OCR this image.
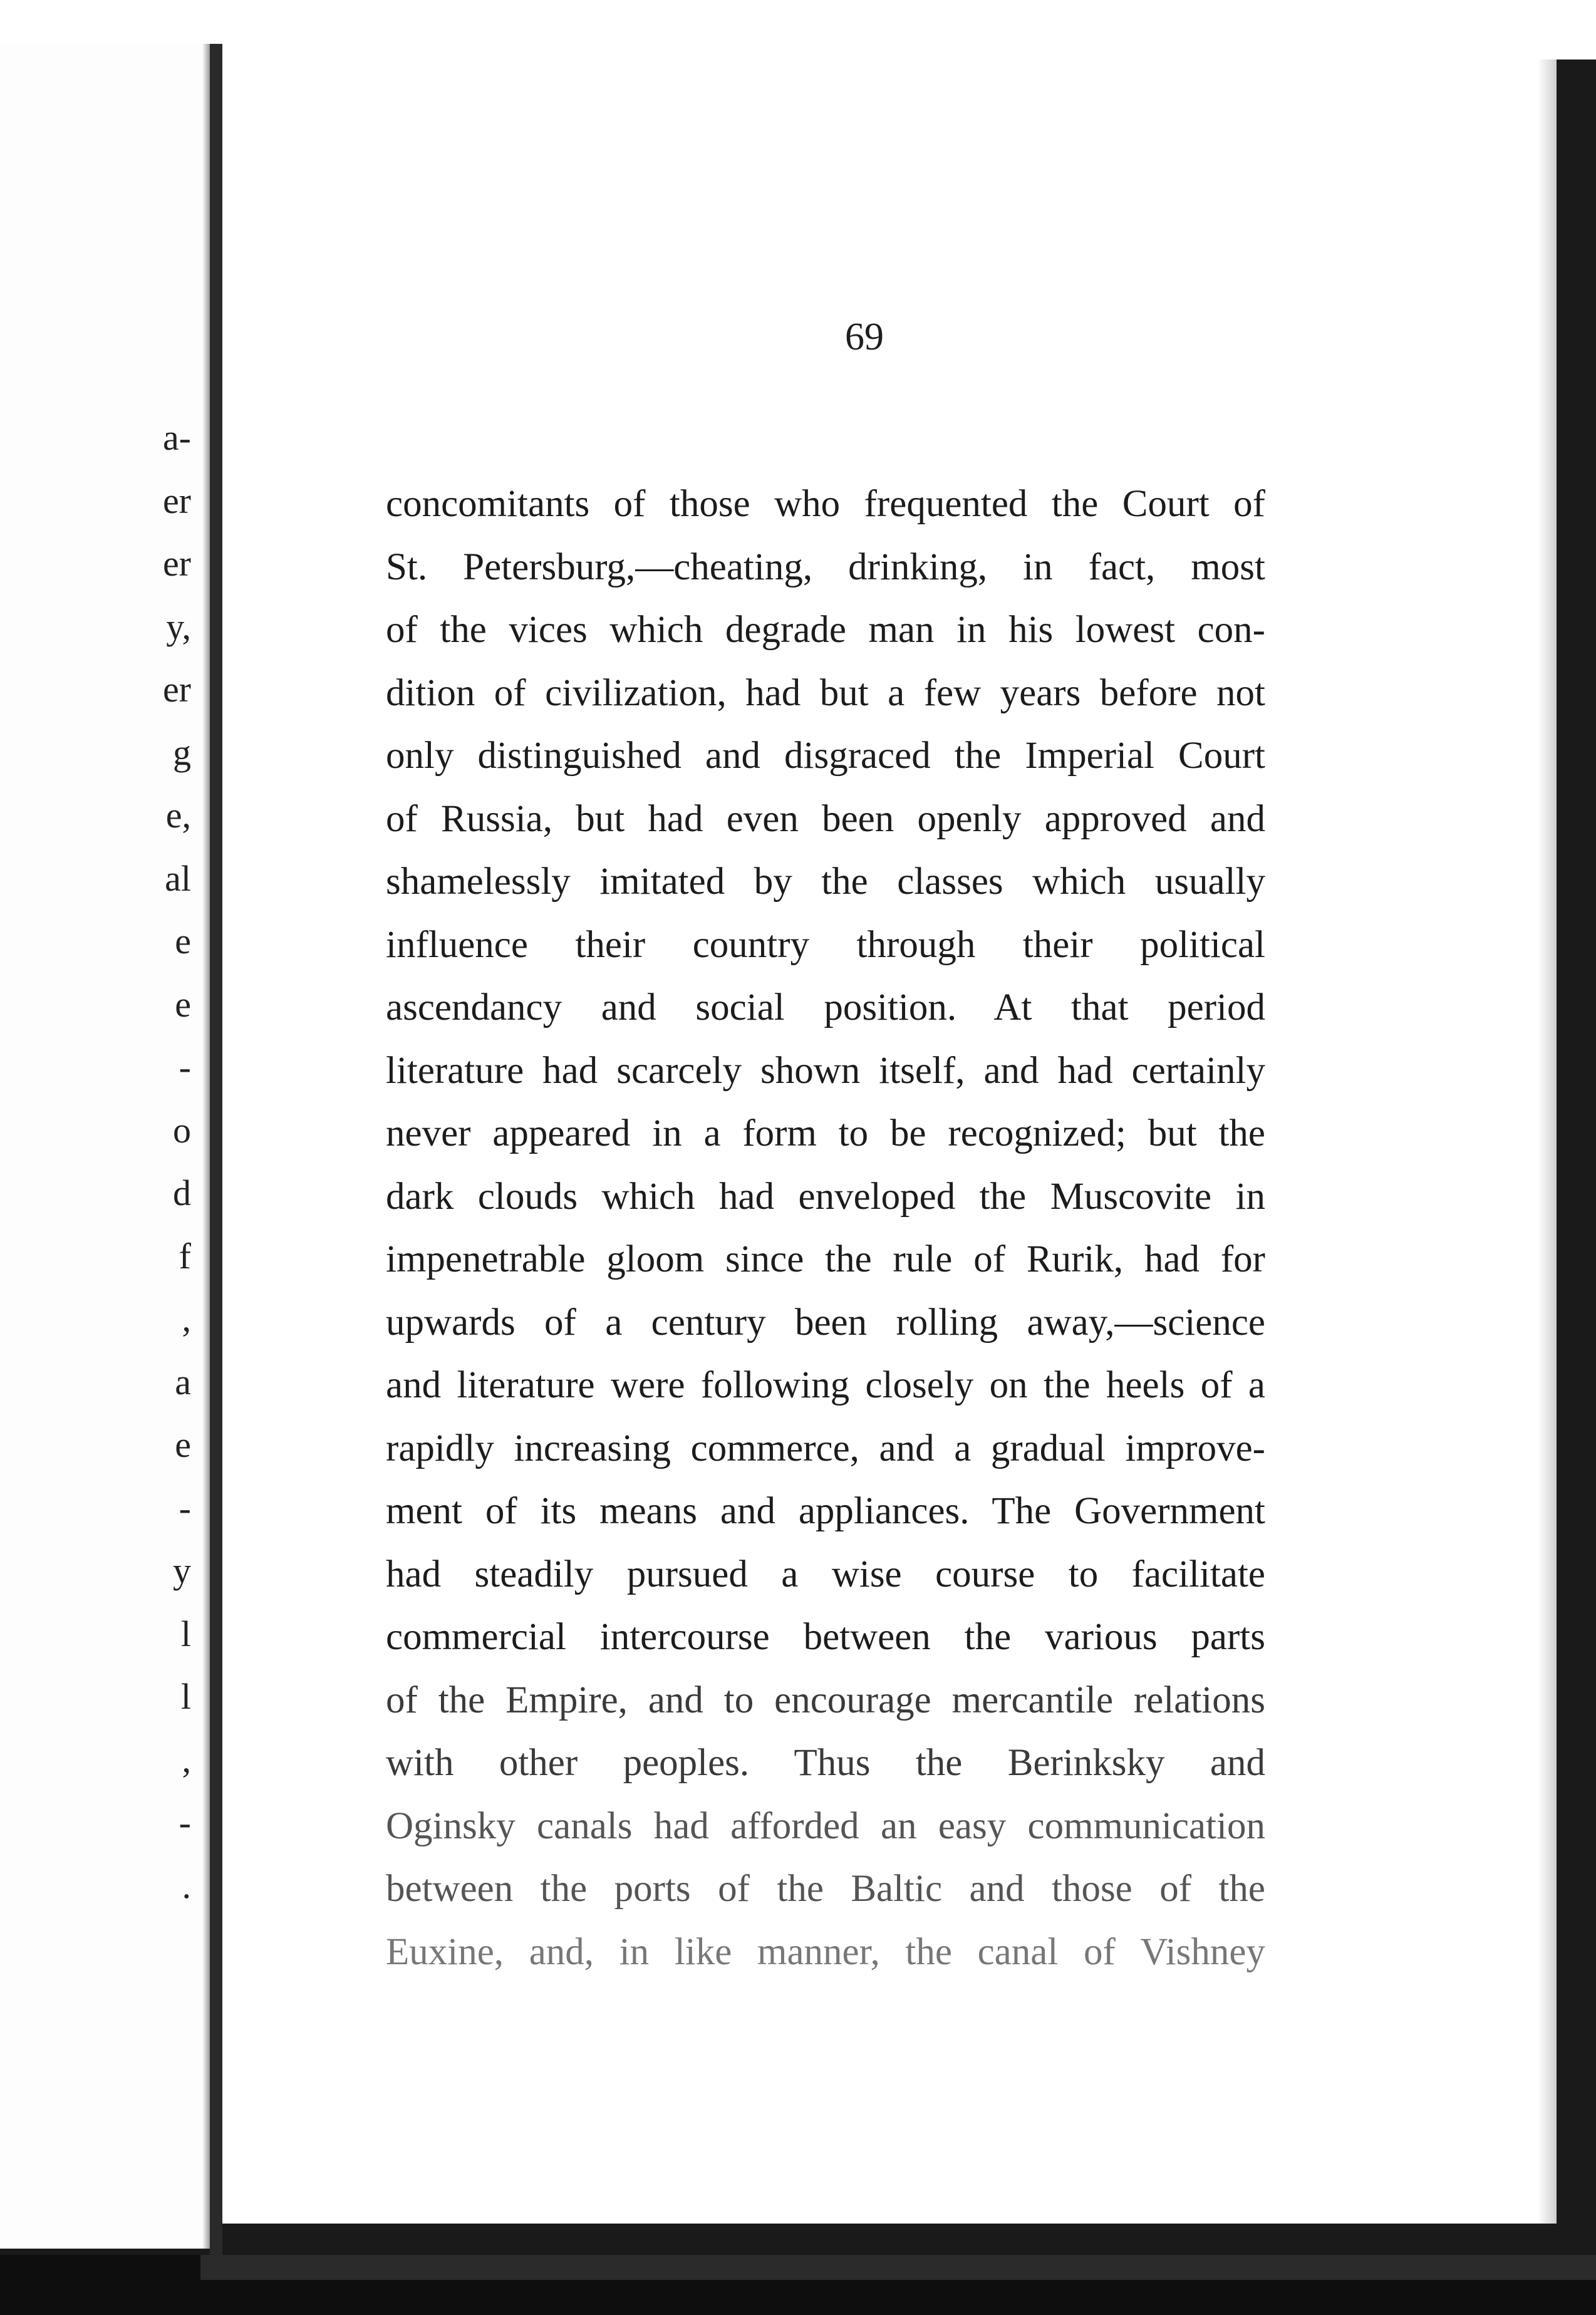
a-
er
er
y,
er
g
e,
al
e
e
-
o
d
f
,
a
e
-
y
l
l
,
-
.
69
concomitants of those who frequented the Court of
St. Petersburg,—cheating, drinking, in fact, most
of the vices which degrade man in his lowest con-
dition of civilization, had but a few years before not
only distinguished and disgraced the Imperial Court
of Russia, but had even been openly approved and
shamelessly imitated by the classes which usually
influence their country through their political
ascendancy and social position. At that period
literature had scarcely shown itself, and had certainly
never appeared in a form to be recognized; but the
dark clouds which had enveloped the Muscovite in
impenetrable gloom since the rule of Rurik, had for
upwards of a century been rolling away,—science
and literature were following closely on the heels of a
rapidly increasing commerce, and a gradual improve-
ment of its means and appliances. The Government
had steadily pursued a wise course to facilitate
commercial intercourse between the various parts
of the Empire, and to encourage mercantile relations
with other peoples. Thus the Berinksky and
Oginsky canals had afforded an easy communication
between the ports of the Baltic and those of the
Euxine, and, in like manner, the canal of Vishney
